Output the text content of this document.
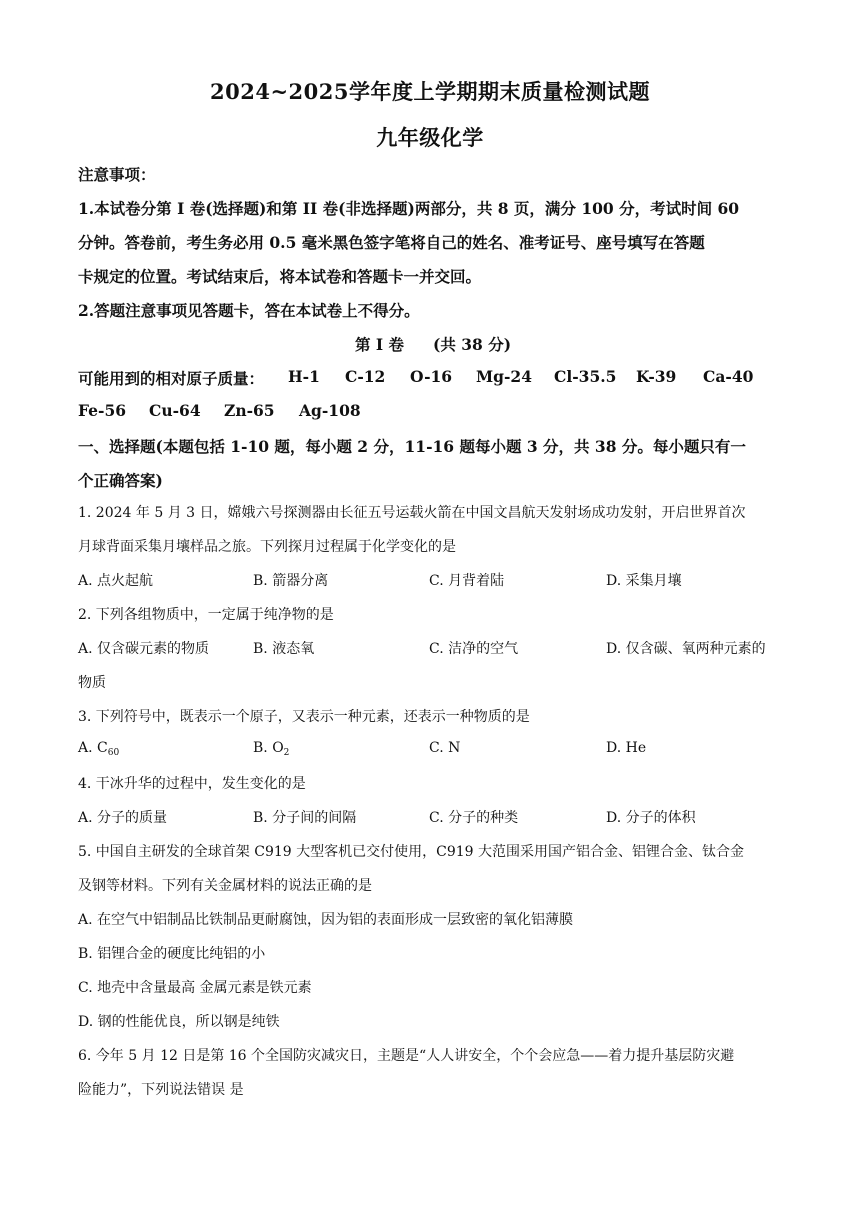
2024~2025学年度上学期期末质量检测试题
九年级化学
注意事项：
1.本试卷分第 I 卷(选择题)和第 II 卷(非选择题)两部分，共 8 页，满分 100 分，考试时间 60
分钟。答卷前，考生务必用 0.5 毫米黑色签字笔将自己的姓名、准考证号、座号填写在答题
卡规定的位置。考试结束后，将本试卷和答题卡一并交回。
2.答题注意事项见答题卡，答在本试卷上不得分。
第 I 卷 (共 38 分)
可能用到的相对原子质量： H-1 C-12 O-16 Mg-24 Cl-35.5 K-39 Ca-40
Fe-56 Cu-64 Zn-65 Ag-108
一、选择题(本题包括 1-10 题，每小题 2 分，11-16 题每小题 3 分，共 38 分。每小题只有一
个正确答案)
1. 2024 年 5 月 3 日，嫦娥六号探测器由长征五号运载火箭在中国文昌航天发射场成功发射，开启世界首次
月球背面采集月壤样品之旅。下列探月过程属于化学变化的是
A. 点火起航	B. 箭器分离	C. 月背着陆	D. 采集月壤
2. 下列各组物质中，一定属于纯净物的是
A. 仅含碳元素的物质	B. 液态氧	C. 洁净的空气	D. 仅含碳、氧两种元素的
物质
3. 下列符号中，既表示一个原子，又表示一种元素，还表示一种物质的是
A. $C_{60}$	B. $O_2$	C. N	D. He
4. 干冰升华的过程中，发生变化的是
A. 分子的质量	B. 分子间的间隔	C. 分子的种类	D. 分子的体积
5. 中国自主研发的全球首架 C919 大型客机已交付使用，C919 大范围采用国产铝合金、铝锂合金、钛合金
及钢等材料。下列有关金属材料的说法正确的是
A. 在空气中铝制品比铁制品更耐腐蚀，因为铝的表面形成一层致密的氧化铝薄膜
B. 铝锂合金的硬度比纯铝的小
C. 地壳中含量最高 金属元素是铁元素
D. 钢的性能优良，所以钢是纯铁
6. 今年 5 月 12 日是第 16 个全国防灾减灾日，主题是“人人讲安全，个个会应急——着力提升基层防灾避
险能力”，下列说法错误 是
